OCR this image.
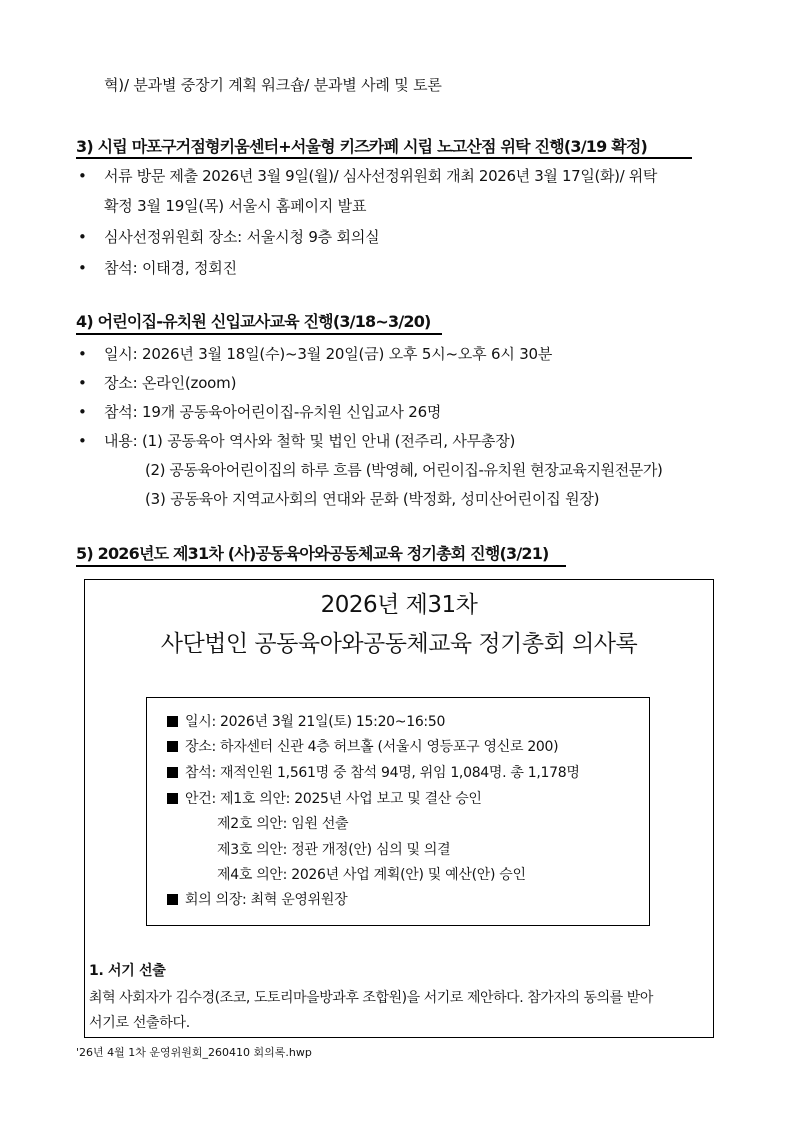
혁)/ 분과별 중장기 계획 워크숍/ 분과별 사례 및 토론
3) 시립 마포구거점형키움센터+서울형 키즈카페 시립 노고산점 위탁 진행(3/19 확정)
• 서류 방문 제출 2026년 3월 9일(월)/ 심사선정위원회 개최 2026년 3월 17일(화)/ 위탁
확정 3월 19일(목) 서울시 홈페이지 발표
• 심사선정위원회 장소: 서울시청 9층 회의실
• 참석: 이태경, 정회진
4) 어린이집-유치원 신입교사교육 진행(3/18~3/20)
• 일시: 2026년 3월 18일(수)~3월 20일(금) 오후 5시~오후 6시 30분
• 장소: 온라인(zoom)
• 참석: 19개 공동육아어린이집-유치원 신입교사 26명
• 내용: (1) 공동육아 역사와 철학 및 법인 안내 (전주리, 사무총장)
(2) 공동육아어린이집의 하루 흐름 (박영혜, 어린이집-유치원 현장교육지원전문가)
(3) 공동육아 지역교사회의 연대와 문화 (박정화, 성미산어린이집 원장)
5) 2026년도 제31차 (사)공동육아와공동체교육 정기총회 진행(3/21)
2026년 제31차
사단법인 공동육아와공동체교육 정기총회 의사록
일시: 2026년 3월 21일(토) 15:20~16:50
장소: 하자센터 신관 4층 허브홀 (서울시 영등포구 영신로 200)
참석: 재적인원 1,561명 중 참석 94명, 위임 1,084명. 총 1,178명
안건: 제1호 의안: 2025년 사업 보고 및 결산 승인
제2호 의안: 임원 선출
제3호 의안: 정관 개정(안) 심의 및 의결
제4호 의안: 2026년 사업 계획(안) 및 예산(안) 승인
회의 의장: 최혁 운영위원장
1. 서기 선출
최혁 사회자가 김수경(조코, 도토리마을방과후 조합원)을 서기로 제안하다. 참가자의 동의를 받아
서기로 선출하다.
'26년 4월 1차 운영위원회_260410 회의록.hwp
